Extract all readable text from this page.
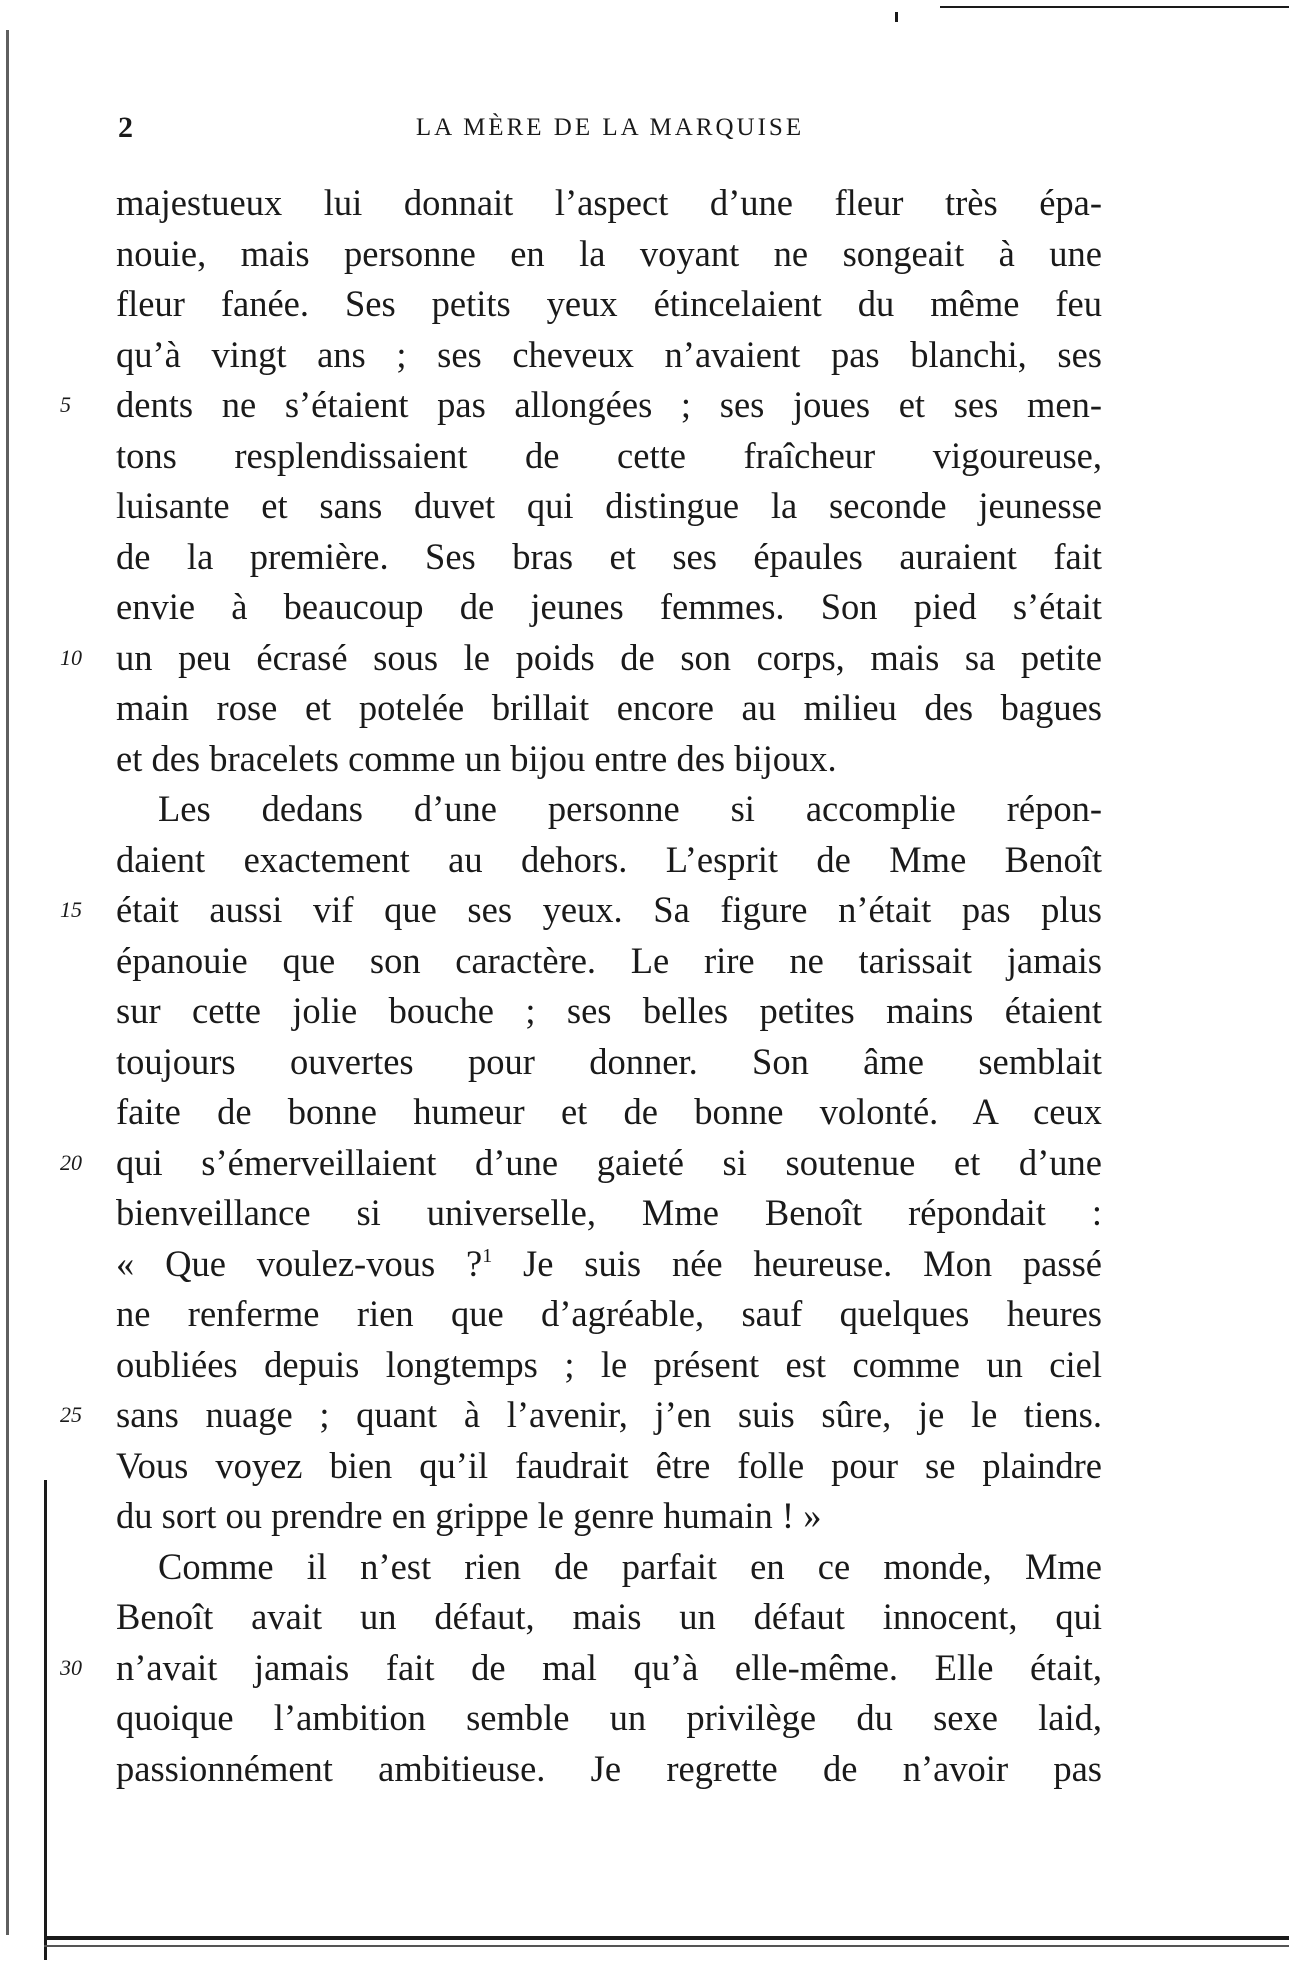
2	LA MÈRE DE LA MARQUISE
majestueux lui donnait l’aspect d’une fleur très épa-
nouie, mais personne en la voyant ne songeait à une
fleur fanée. Ses petits yeux étincelaient du même feu
qu’à vingt ans ; ses cheveux n’avaient pas blanchi, ses
5	dents ne s’étaient pas allongées ; ses joues et ses men-
tons resplendissaient de cette fraîcheur vigoureuse,
luisante et sans duvet qui distingue la seconde jeunesse
de la première. Ses bras et ses épaules auraient fait
envie à beaucoup de jeunes femmes. Son pied s’était
10 un peu écrasé sous le poids de son corps, mais sa petite
main rose et potelée brillait encore au milieu des bagues
et des bracelets comme un bijou entre des bijoux.
Les dedans d’une personne si accomplie répon-
daient exactement au dehors. L’esprit de Mme Benoît
15 était aussi vif que ses yeux. Sa figure n’était pas plus
épanouie que son caractère. Le rire ne tarissait jamais
sur cette jolie bouche ; ses belles petites mains étaient
toujours ouvertes pour donner. Son âme semblait
faite de bonne humeur et de bonne volonté. A ceux
20 qui s’émerveillaient d’une gaieté si soutenue et d’une
bienveillance si universelle, Mme Benoît répondait :
« Que voulez-vous ?$^1$ Je suis née heureuse. Mon passé
ne renferme rien que d’agréable, sauf quelques heures
oubliées depuis longtemps ; le présent est comme un ciel
25 sans nuage ; quant à l’avenir, j’en suis sûre, je le tiens.
Vous voyez bien qu’il faudrait être folle pour se plaindre
du sort ou prendre en grippe le genre humain ! »
Comme il n’est rien de parfait en ce monde, Mme
Benoît avait un défaut, mais un défaut innocent, qui
30 n’avait jamais fait de mal qu’à elle-même. Elle était,
quoique l’ambition semble un privilège du sexe laid,
passionnément ambitieuse. Je regrette de n’avoir pas
